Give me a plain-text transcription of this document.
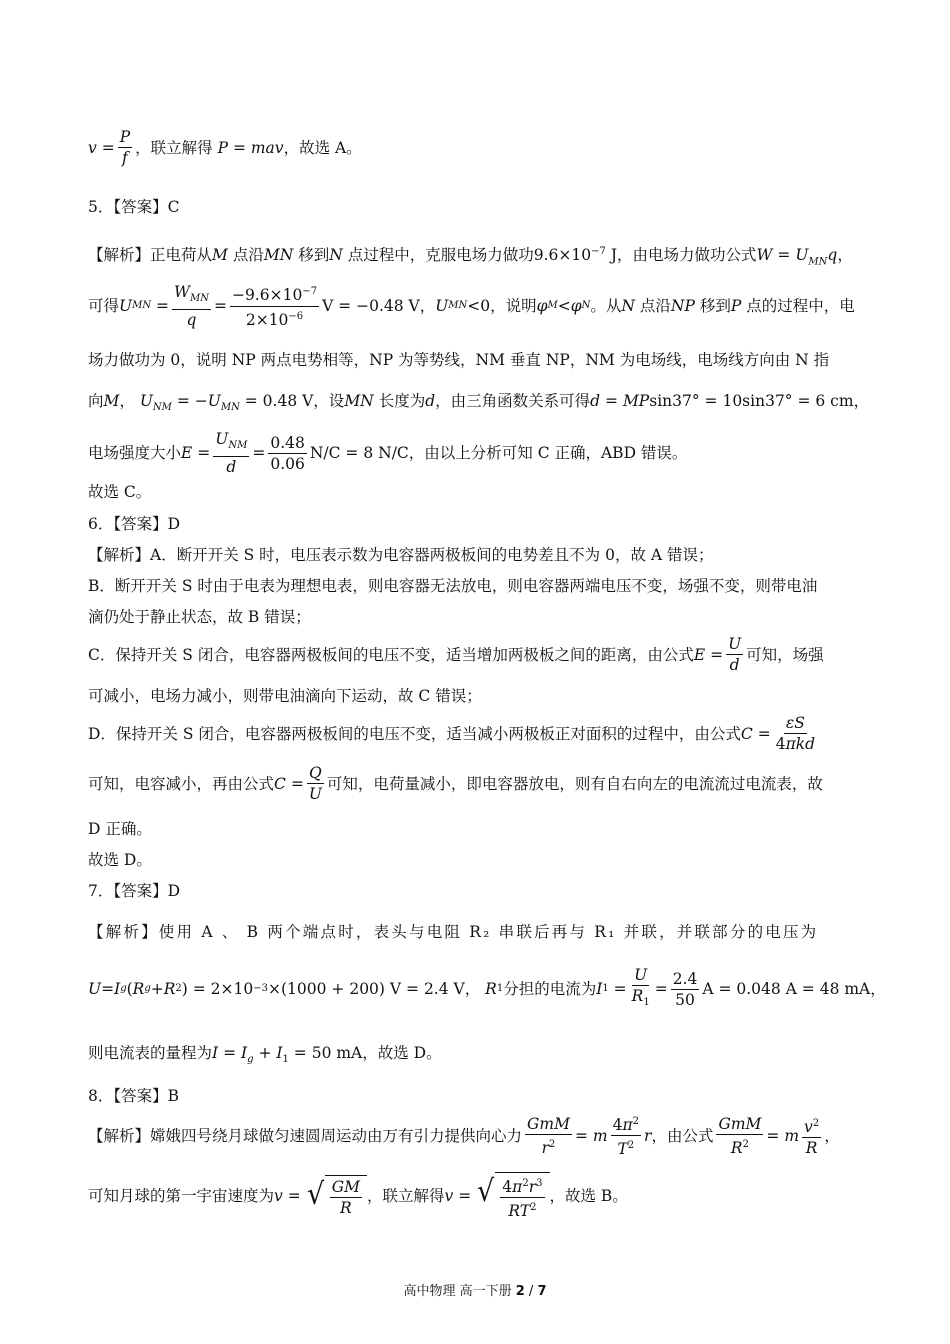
$v = \frac{P}{f}$ ，联立解得
P = mav ，故选 A。
5．【答案】C
【解析】正电荷从M 点沿MN 移到N 点过程中，克服电场力做功$9.6\times 10^{-7}$ J，由电场力做功公式$W = U_{MN}q$，
可得 U MN = $\frac{W_{MN}}{q} = \frac{-9.6\times 10^{-7}}{2\times 10^{-6}}$ V = −0.48 V， U MN <0，说明 φ M < φ N 。从 N
点沿 NP
移到 P
点的过程中，电
场力做功为 0，说明 NP 两点电势相等，NP 为等势线，NM 垂直 NP，NM 为电场线，电场线方向由 N 指
向M， $U_{NM} = -U_{MN} = 0.48$ V，设MN 长度为d，由三角函数关系可得d = MPsin37° = 10sin37° = 6 cm，
电场强度大小 $E = \frac{U_{NM}}{d} = \frac{0.48}{0.06} N/C = 8$ N/C，由以上分析可知 C 正确，ABD 错误。
故选 C。
6．【答案】D
【解析】A．断开开关 S 时，电压表示数为电容器两极板间的电势差且不为 0，故 A 错误；
B．断开开关 S 时由于电表为理想电表，则电容器无法放电，则电容器两端电压不变，场强不变，则带电油
滴仍处于静止状态，故 B 错误；
C．保持开关 S 闭合，电容器两极板间的电压不变，适当增加两极板之间的距离，由公式 $E = \frac{U}{d}$ 可知，场强
可减小，电场力减小，则带电油滴向下运动，故 C 错误；
D．保持开关 S 闭合，电容器两极板间的电压不变，适当减小两极板正对面积的过程中，由公式 $C = \frac{\varepsilon S}{\text{4πkd}}$
可知，电容减小，再由公式 $C = \frac{Q}{U}$ 可知，电荷量减小，即电容器放电，则有自右向左的电流流过电流表，故
D 正确。
故选 D。
7．【答案】D
【解析】使用 A 、 B 两个端点时，表头与电阻 R₂ 串联后再与 R₁ 并联，并联部分的电压为
U = I g ( R g + R 2 ) = 2×10 −3 ×(1000 + 200) V = 2.4 V，
R 1 分担的电流为 I $1 = \frac{U}{R_1} = \frac{2.4}{50}$ A = 0.048 A = 48 mA，
则电流表的量程为$I = I_g + I_1 = 50$ mA，故选 D。
8．【答案】B
【解析】嫦娥四号绕月球做匀速圆周运动由万有引力提供向心力 $\frac{\text{GmM}}{r^2} = m \frac{4\pi^2}{T^2}$ r ，由公式 $\frac{\text{GmM}}{R^2} = m \frac{v^2}{R}$ ，
可知月球的第一宇宙速度为 v = √ $\frac{GM}{R}$ ，联立解得 v = √ $\frac{4\pi^2r^3}{RT^2}$ ，故选 B。
高中物理 高一下册 2 / 7
